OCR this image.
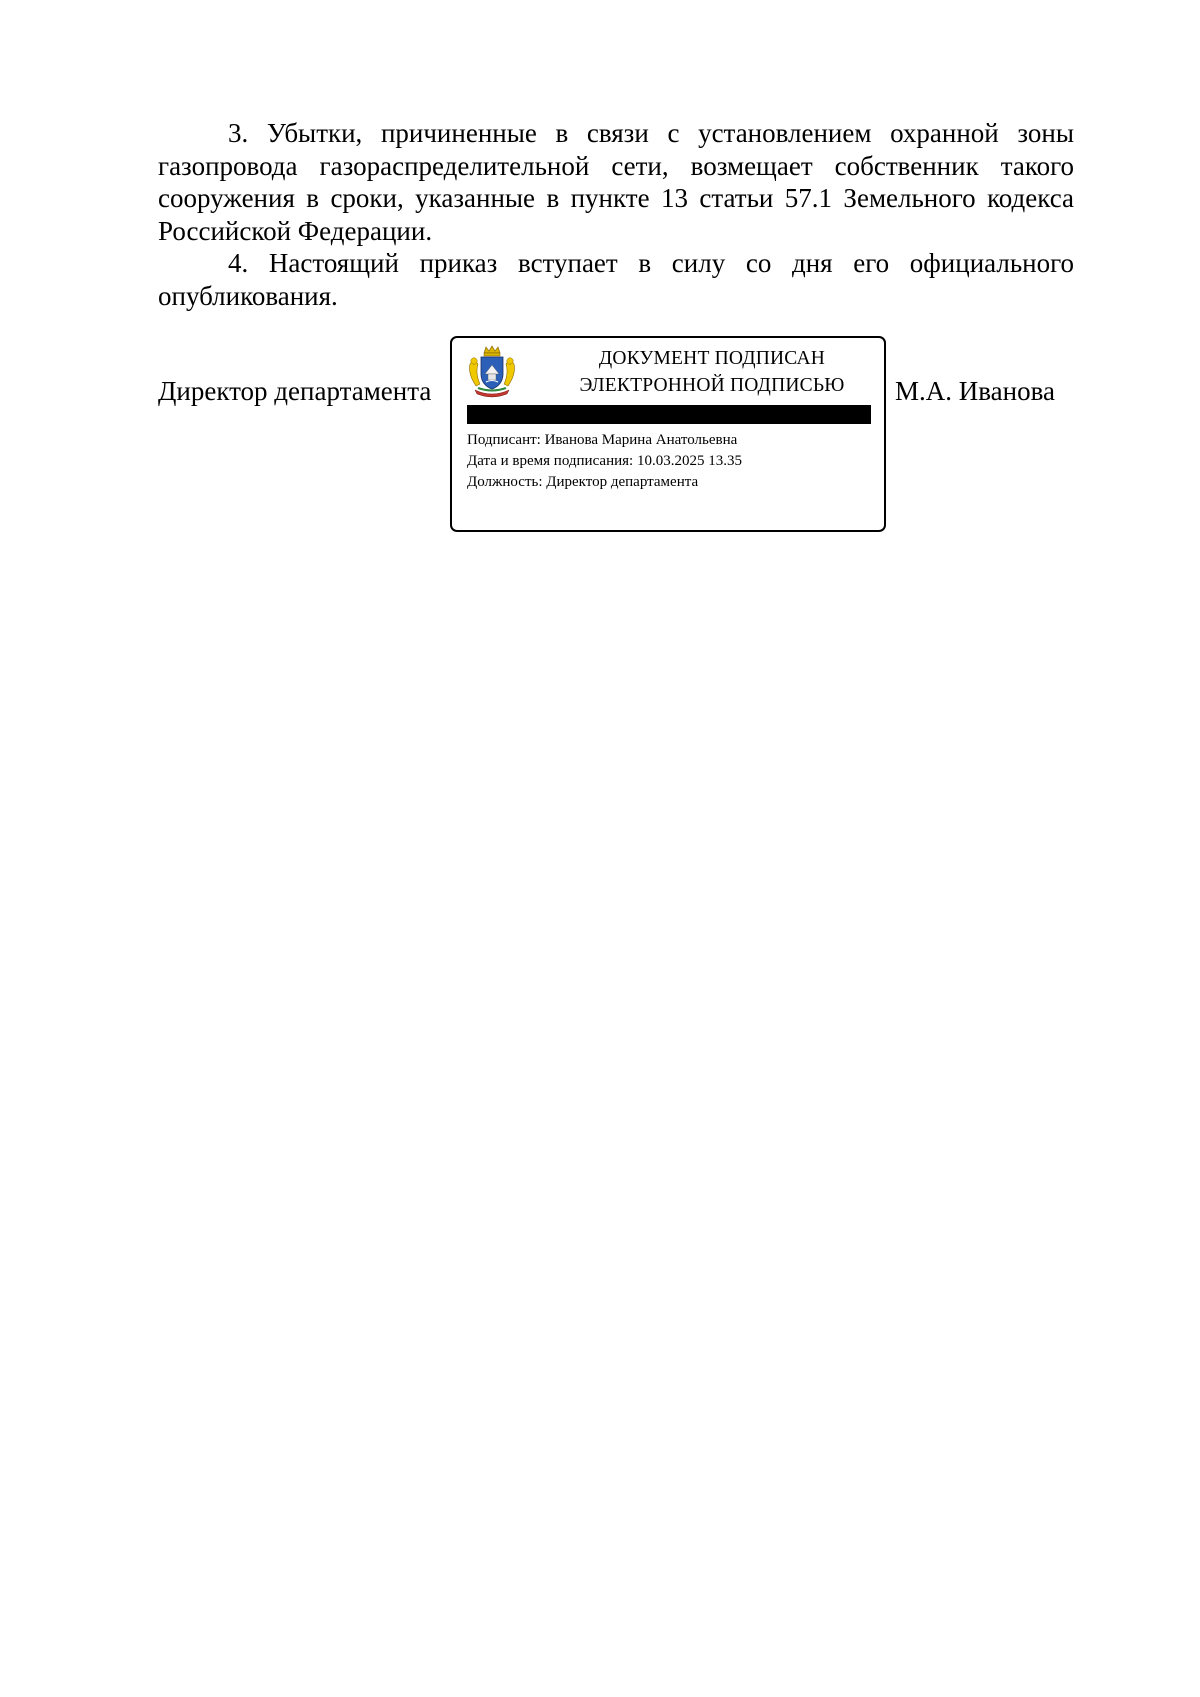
3. Убытки, причиненные в связи с установлением охранной зоны газопровода газораспределительной сети, возмещает собственник такого сооружения в сроки, указанные в пункте 13 статьи 57.1 Земельного кодекса Российской Федерации.

4. Настоящий приказ вступает в силу со дня его официального опубликования.

Директор департамента
ДОКУМЕНТ ПОДПИСАН
ЭЛЕКТРОННОЙ ПОДПИСЬЮ
Подписант: Иванова Марина Анатольевна
Дата и время подписания: 10.03.2025 13.35
Должность: Директор департамента
М.А. Иванова
